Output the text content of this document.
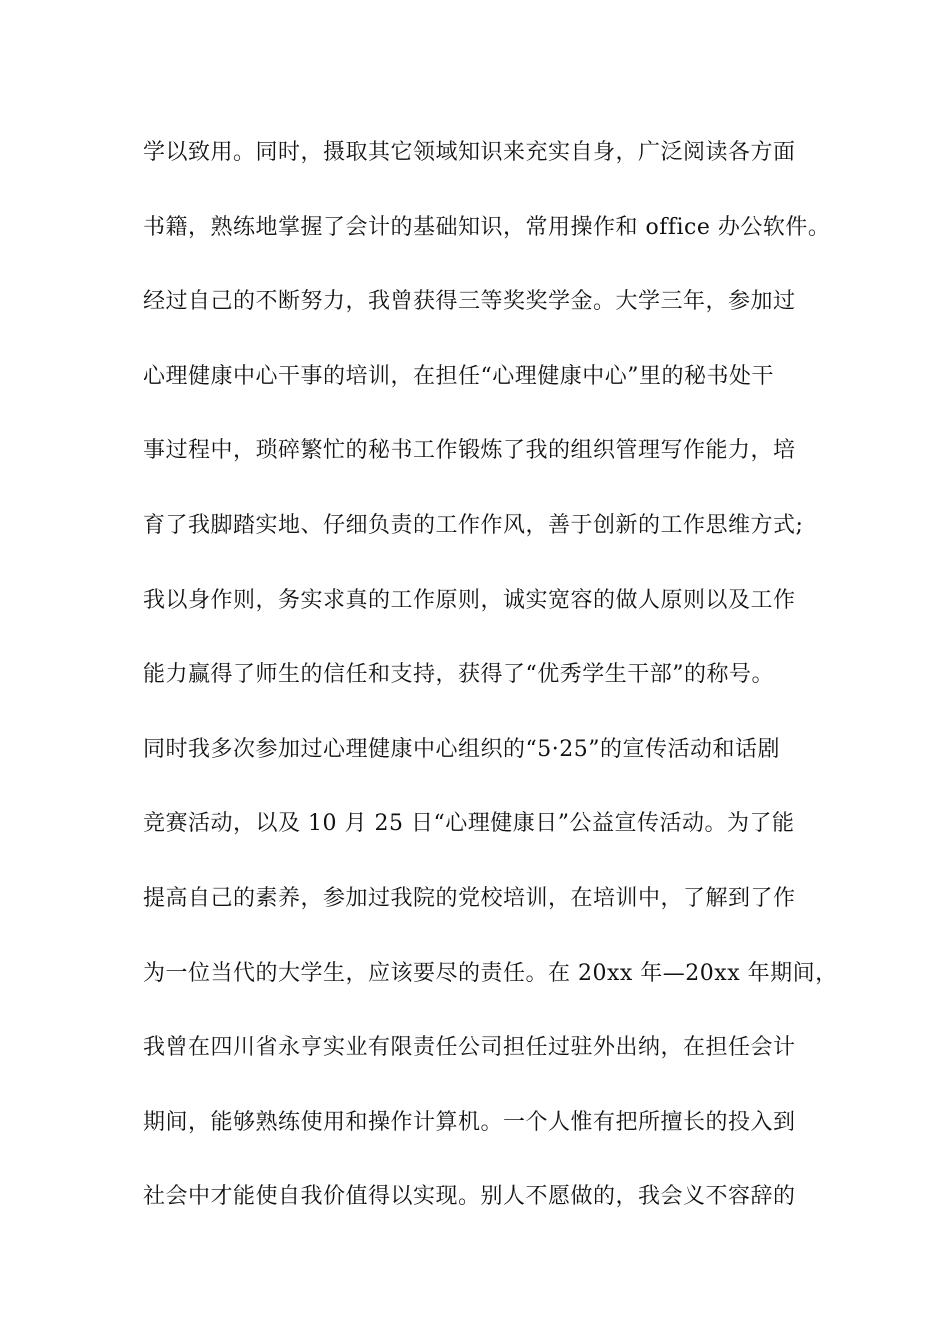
学以致用。同时，摄取其它领域知识来充实自身，广泛阅读各方面
书籍，熟练地掌握了会计的基础知识，常用操作和 office 办公软件。
经过自己的不断努力，我曾获得三等奖奖学金。大学三年，参加过
心理健康中心干事的培训，在担任“心理健康中心”里的秘书处干
事过程中，琐碎繁忙的秘书工作锻炼了我的组织管理写作能力，培
育了我脚踏实地、仔细负责的工作作风，善于创新的工作思维方式;
我以身作则，务实求真的工作原则，诚实宽容的做人原则以及工作
能力赢得了师生的信任和支持，获得了“优秀学生干部”的称号。
同时我多次参加过心理健康中心组织的“5·25”的宣传活动和话剧
竞赛活动，以及 10 月 25 日“心理健康日”公益宣传活动。为了能
提高自己的素养，参加过我院的党校培训，在培训中，了解到了作
为一位当代的大学生，应该要尽的责任。在 20xx 年—20xx 年期间，
我曾在四川省永亨实业有限责任公司担任过驻外出纳，在担任会计
期间，能够熟练使用和操作计算机。一个人惟有把所擅长的投入到
社会中才能使自我价值得以实现。别人不愿做的，我会义不容辞的
